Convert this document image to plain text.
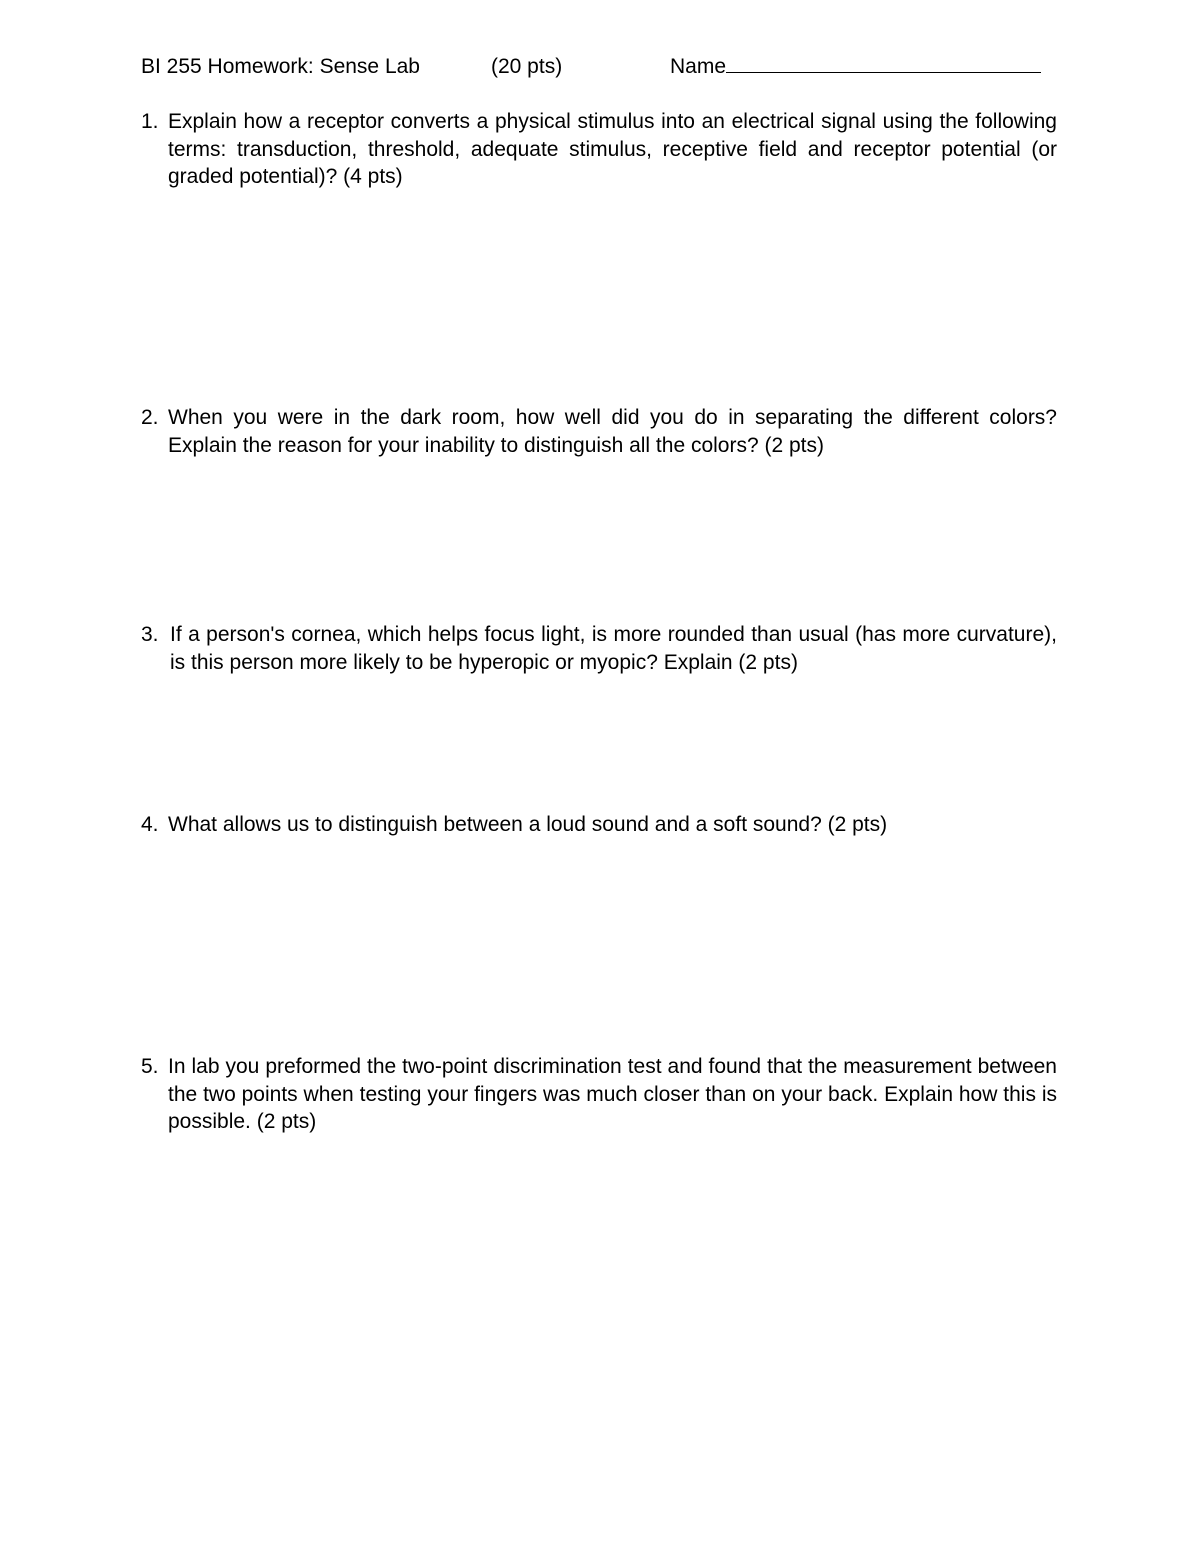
BI 255 Homework: Sense Lab	(20 pts)	Name
1. Explain how a receptor converts a physical stimulus into an electrical signal using the following terms: transduction, threshold, adequate stimulus, receptive field and receptor potential (or graded potential)? (4 pts)
2. When you were in the dark room, how well did you do in separating the different colors? Explain the reason for your inability to distinguish all the colors? (2 pts)
3. If a person's cornea, which helps focus light, is more rounded than usual (has more curvature), is this person more likely to be hyperopic or myopic? Explain (2 pts)
4. What allows us to distinguish between a loud sound and a soft sound? (2 pts)
5. In lab you preformed the two-point discrimination test and found that the measurement between the two points when testing your fingers was much closer than on your back. Explain how this is possible. (2 pts)
